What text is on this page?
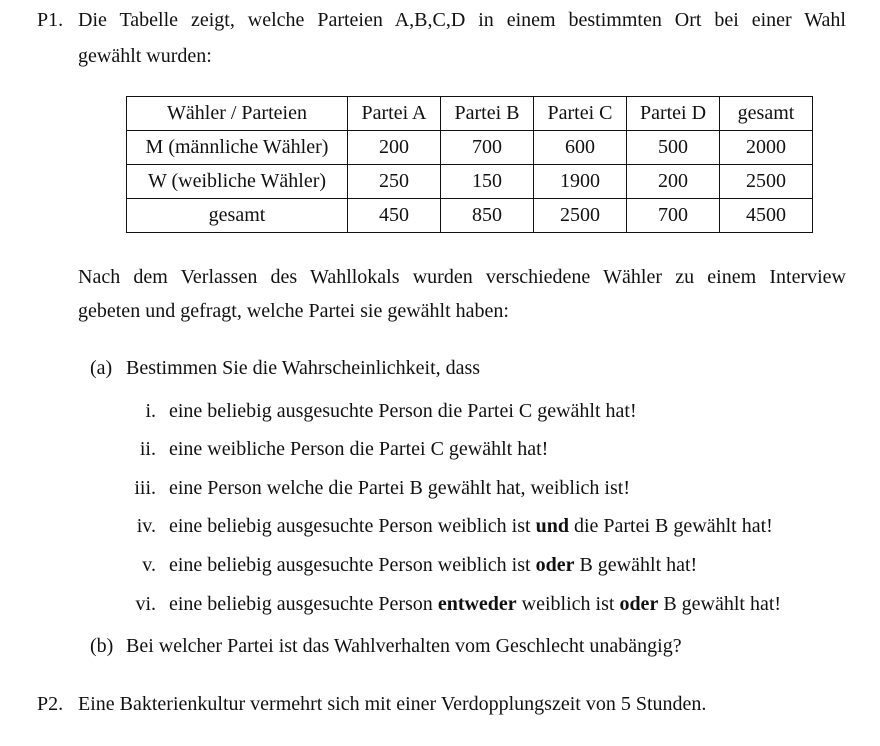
P1. Die Tabelle zeigt, welche Parteien A,B,C,D in einem bestimmten Ort bei einer Wahl
gewählt wurden:
Wähler / Parteien	Partei A	Partei B	Partei C	Partei D	gesamt
M (männliche Wähler)	200	700	600	500	2000
W (weibliche Wähler)	250	150	1900	200	2500
gesamt	450	850	2500	700	4500
Nach dem Verlassen des Wahllokals wurden verschiedene Wähler zu einem Interview
gebeten und gefragt, welche Partei sie gewählt haben:
(a) Bestimmen Sie die Wahrscheinlichkeit, dass
i. eine beliebig ausgesuchte Person die Partei C gewählt hat!
ii. eine weibliche Person die Partei C gewählt hat!
iii. eine Person welche die Partei B gewählt hat, weiblich ist!
iv. eine beliebig ausgesuchte Person weiblich ist und die Partei B gewählt hat!
v. eine beliebig ausgesuchte Person weiblich ist oder B gewählt hat!
vi. eine beliebig ausgesuchte Person entweder weiblich ist oder B gewählt hat!
(b) Bei welcher Partei ist das Wahlverhalten vom Geschlecht unabängig?
P2. Eine Bakterienkultur vermehrt sich mit einer Verdopplungszeit von 5 Stunden.
